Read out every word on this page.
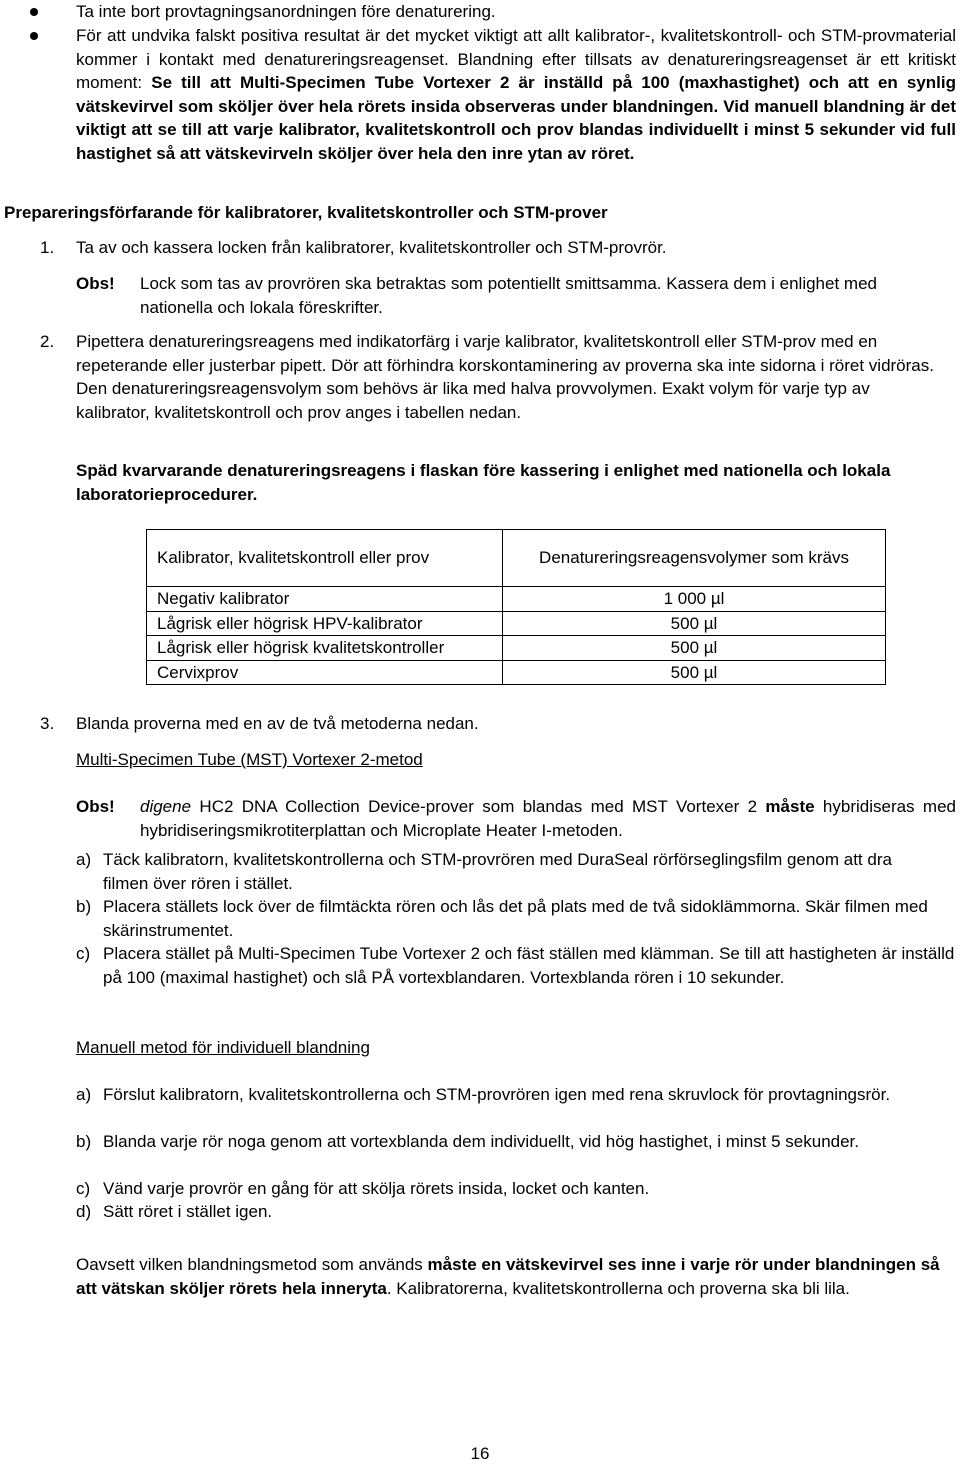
Ta inte bort provtagningsanordningen före denaturering.
För att undvika falskt positiva resultat är det mycket viktigt att allt kalibrator-, kvalitetskontroll- och STM-provmaterial kommer i kontakt med denatureringsreagenset. Blandning efter tillsats av denatureringsreagenset är ett kritiskt moment: Se till att Multi-Specimen Tube Vortexer 2 är inställd på 100 (maxhastighet) och att en synlig vätskevirvel som sköljer över hela rörets insida observeras under blandningen. Vid manuell blandning är det viktigt att se till att varje kalibrator, kvalitetskontroll och prov blandas individuellt i minst 5 sekunder vid full hastighet så att vätskevirveln sköljer över hela den inre ytan av röret.
Prepareringsförfarande för kalibratorer, kvalitetskontroller och STM-prover
1. Ta av och kassera locken från kalibratorer, kvalitetskontroller och STM-provrör.
Obs! Lock som tas av provrören ska betraktas som potentiellt smittsamma. Kassera dem i enlighet med nationella och lokala föreskrifter.
2. Pipettera denatureringsreagens med indikatorfärg i varje kalibrator, kvalitetskontroll eller STM-prov med en repeterande eller justerbar pipett. Dör att förhindra korskontaminering av proverna ska inte sidorna i röret vidröras. Den denatureringsreagensvolym som behövs är lika med halva provvolymen. Exakt volym för varje typ av kalibrator, kvalitetskontroll och prov anges i tabellen nedan.
Späd kvarvarande denatureringsreagens i flaskan före kassering i enlighet med nationella och lokala laboratorieprocedurer.
Kalibrator, kvalitetskontroll eller prov	Denatureringsreagensvolymer som krävs
Negativ kalibrator	1 000 µl
Lågrisk eller högrisk HPV-kalibrator	500 µl
Lågrisk eller högrisk kvalitetskontroller	500 µl
Cervixprov	500 µl
3. Blanda proverna med en av de två metoderna nedan.
Multi-Specimen Tube (MST) Vortexer 2-metod
Obs! digene HC2 DNA Collection Device-prover som blandas med MST Vortexer 2 måste hybridiseras med hybridiseringsmikrotiterplattan och Microplate Heater I-metoden.
a) Täck kalibratorn, kvalitetskontrollerna och STM-provrören med DuraSeal rörförseglingsfilm genom att dra filmen över rören i stället.
b) Placera ställets lock över de filmtäckta rören och lås det på plats med de två sidoklämmorna. Skär filmen med skärinstrumentet.
c) Placera stället på Multi-Specimen Tube Vortexer 2 och fäst ställen med klämman. Se till att hastigheten är inställd på 100 (maximal hastighet) och slå PÅ vortexblandaren. Vortexblanda rören i 10 sekunder.
Manuell metod för individuell blandning
a) Förslut kalibratorn, kvalitetskontrollerna och STM-provrören igen med rena skruvlock för provtagningsrör.
b) Blanda varje rör noga genom att vortexblanda dem individuellt, vid hög hastighet, i minst 5 sekunder.
c) Vänd varje provrör en gång för att skölja rörets insida, locket och kanten.
d) Sätt röret i stället igen.
Oavsett vilken blandningsmetod som används måste en vätskevirvel ses inne i varje rör under blandningen så att vätskan sköljer rörets hela inneryta. Kalibratorerna, kvalitetskontrollerna och proverna ska bli lila.
16
